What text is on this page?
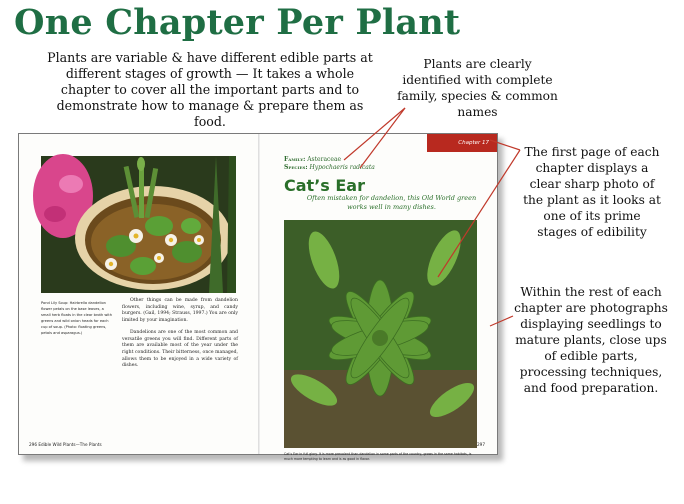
One Chapter Per Plant
Plants are variable & have different edible parts at different stages of growth — It takes a whole chapter to cover all the important parts and to demonstrate how to manage & prepare them as food.
Plants are clearly identified with complete family, species & common names
The first page of each chapter displays a clear sharp photo of the plant as it looks at one of its prime stages of edibility
Within the rest of each chapter are photographs displaying seedlings to mature plants, close ups of edible parts, processing techniques, and food preparation.
Pond Lily Soup: Hairbrella dandelion flower petals on the base leaves, a small herb floats in the clear broth with greens and wild onion heads for each cup of soup. (Photo: floating greens, petals and asparagus.)

Other things can be made from dandelion flowers, including wine, syrup, and candy burgers. (Gail, 1994; Strauss, 1997.) You are only limited by your imagination.

Dandelions are one of the most common and versatile greens you will find. Different parts of them are available most of the year under the right conditions. Their bitterness, once managed, allows them to be enjoyed in a wide variety of dishes.

Chapter 17
Family: Asteraceae
Species: Hypochaeris radicata
Cat’s Ear
Often mistaken for dandelion, this Old World green works well in many dishes.
Cat’s Ear in full glory. It is more prevalent than dandelion in some parts of the country, grows in the same habitats, is much more tempting to learn and is as good in flavor.
296 Edible Wild Plants—The Plants	297
